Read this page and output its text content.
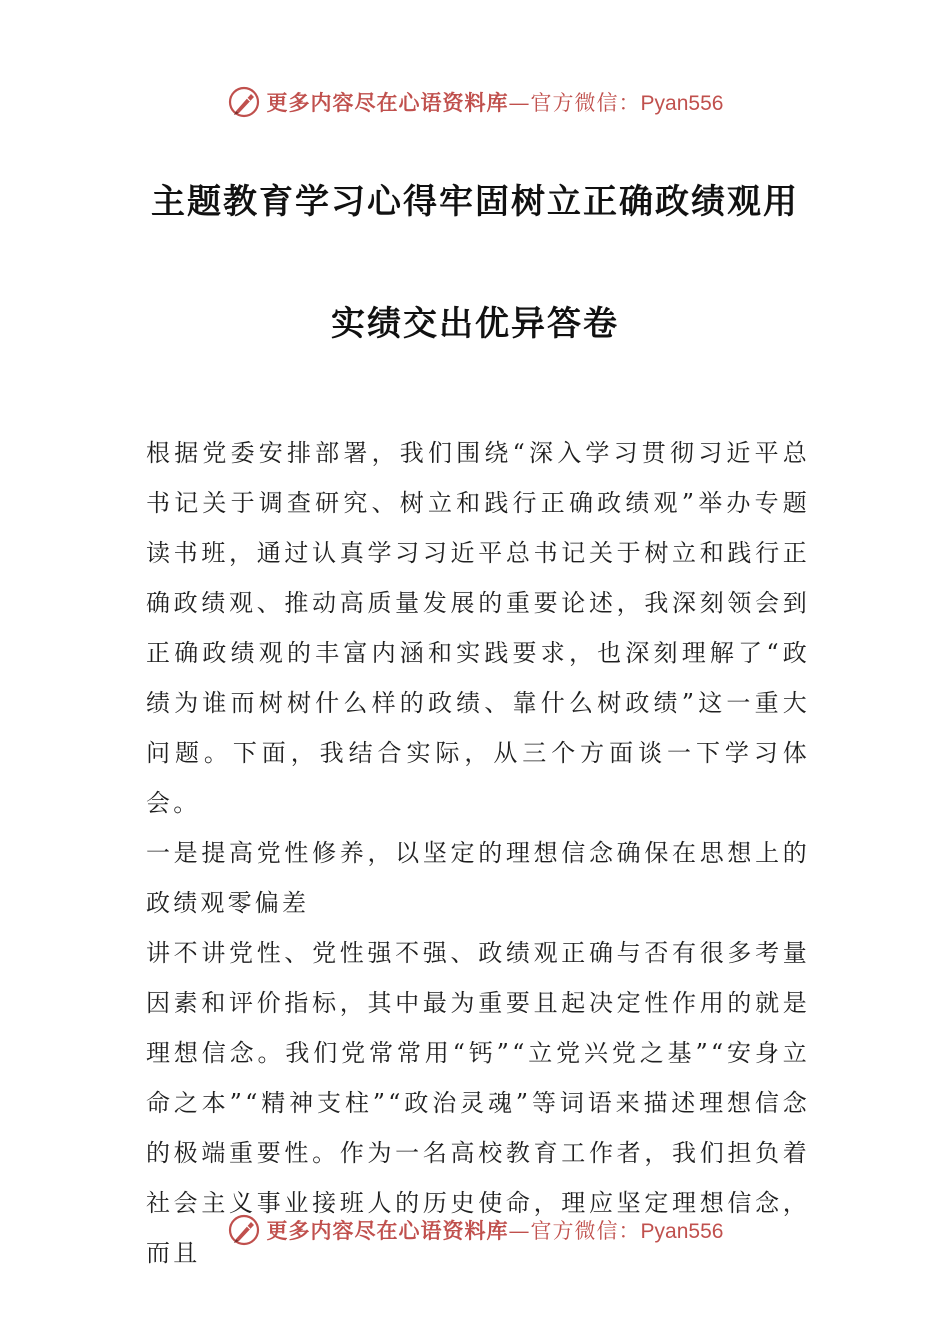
更多内容尽在心语资料库—官方微信：Pyan556
主题教育学习心得牢固树立正确政绩观用
实绩交出优异答卷

根据党委安排部署，我们围绕“深入学习贯彻习近平总书记关于调查研究、树立和践行正确政绩观”举办专题读书班，通过认真学习习近平总书记关于树立和践行正确政绩观、推动高质量发展的重要论述，我深刻领会到正确政绩观的丰富内涵和实践要求，也深刻理解了“政绩为谁而树树什么样的政绩、靠什么树政绩”这一重大问题。下面，我结合实际，从三个方面谈一下学习体会。

一是提高党性修养，以坚定的理想信念确保在思想上的政绩观零偏差

讲不讲党性、党性强不强、政绩观正确与否有很多考量因素和评价指标，其中最为重要且起决定性作用的就是理想信念。我们党常常用“钙”“立党兴党之基”“安身立命之本”“精神支柱”“政治灵魂”等词语来描述理想信念的极端重要性。作为一名高校教育工作者，我们担负着社会主义事业接班人的历史使命，理应坚定理想信念，而且

更多内容尽在心语资料库—官方微信：Pyan556
